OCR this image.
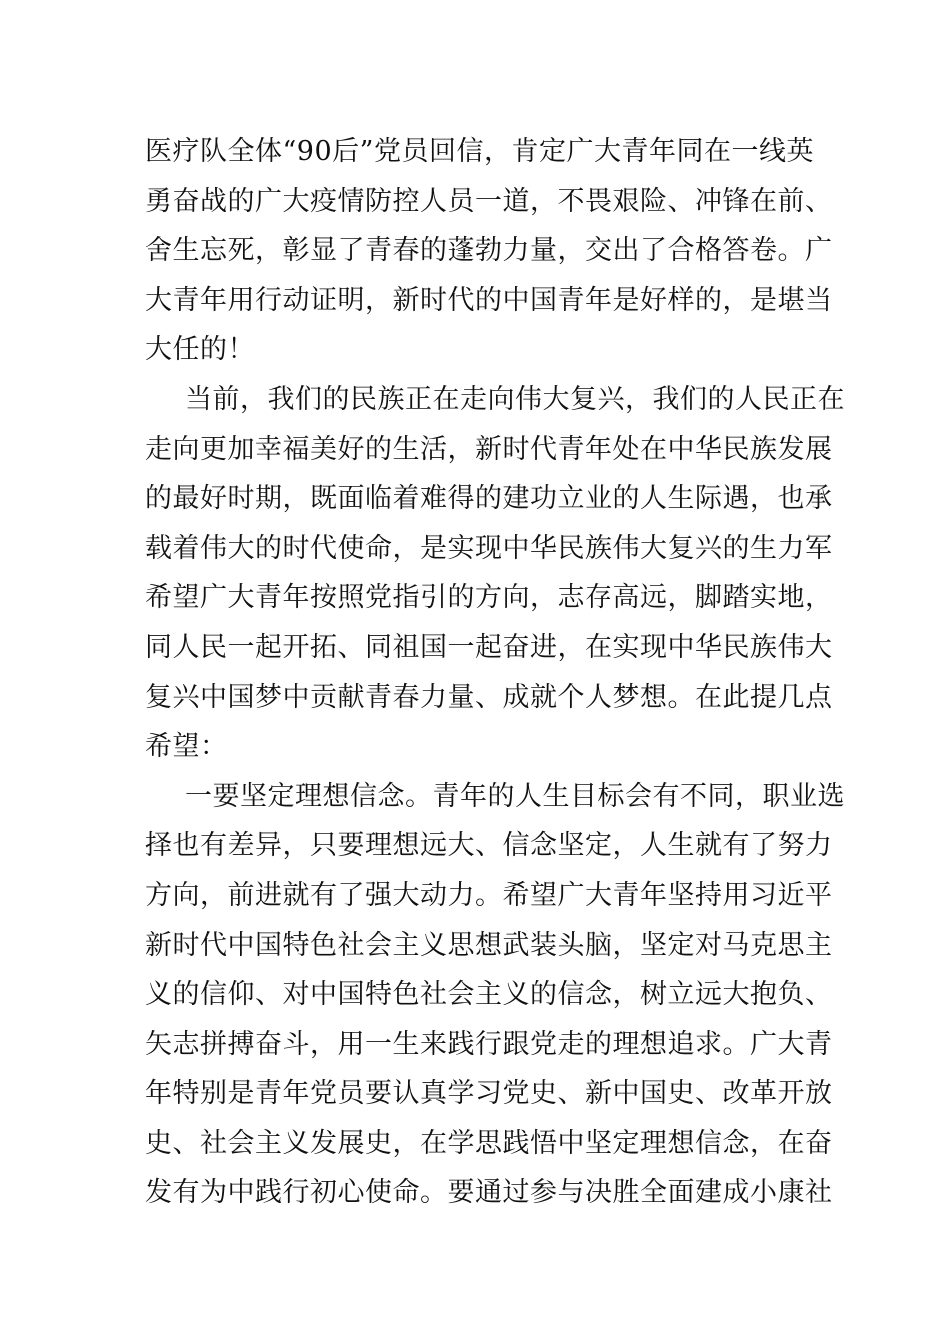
医疗队全体“90后”党员回信，肯定广大青年同在一线英
勇奋战的广大疫情防控人员一道，不畏艰险、冲锋在前、
舍生忘死，彰显了青春的蓬勃力量，交出了合格答卷。广
大青年用行动证明，新时代的中国青年是好样的，是堪当
大任的！
当前，我们的民族正在走向伟大复兴，我们的人民正在
走向更加幸福美好的生活，新时代青年处在中华民族发展
的最好时期，既面临着难得的建功立业的人生际遇，也承
载着伟大的时代使命，是实现中华民族伟大复兴的生力军
希望广大青年按照党指引的方向，志存高远，脚踏实地，
同人民一起开拓、同祖国一起奋进，在实现中华民族伟大
复兴中国梦中贡献青春力量、成就个人梦想。在此提几点
希望：
一要坚定理想信念。青年的人生目标会有不同，职业选
择也有差异，只要理想远大、信念坚定，人生就有了努力
方向，前进就有了强大动力。希望广大青年坚持用习近平
新时代中国特色社会主义思想武装头脑，坚定对马克思主
义的信仰、对中国特色社会主义的信念，树立远大抱负、
矢志拼搏奋斗，用一生来践行跟党走的理想追求。广大青
年特别是青年党员要认真学习党史、新中国史、改革开放
史、社会主义发展史，在学思践悟中坚定理想信念，在奋
发有为中践行初心使命。要通过参与决胜全面建成小康社
